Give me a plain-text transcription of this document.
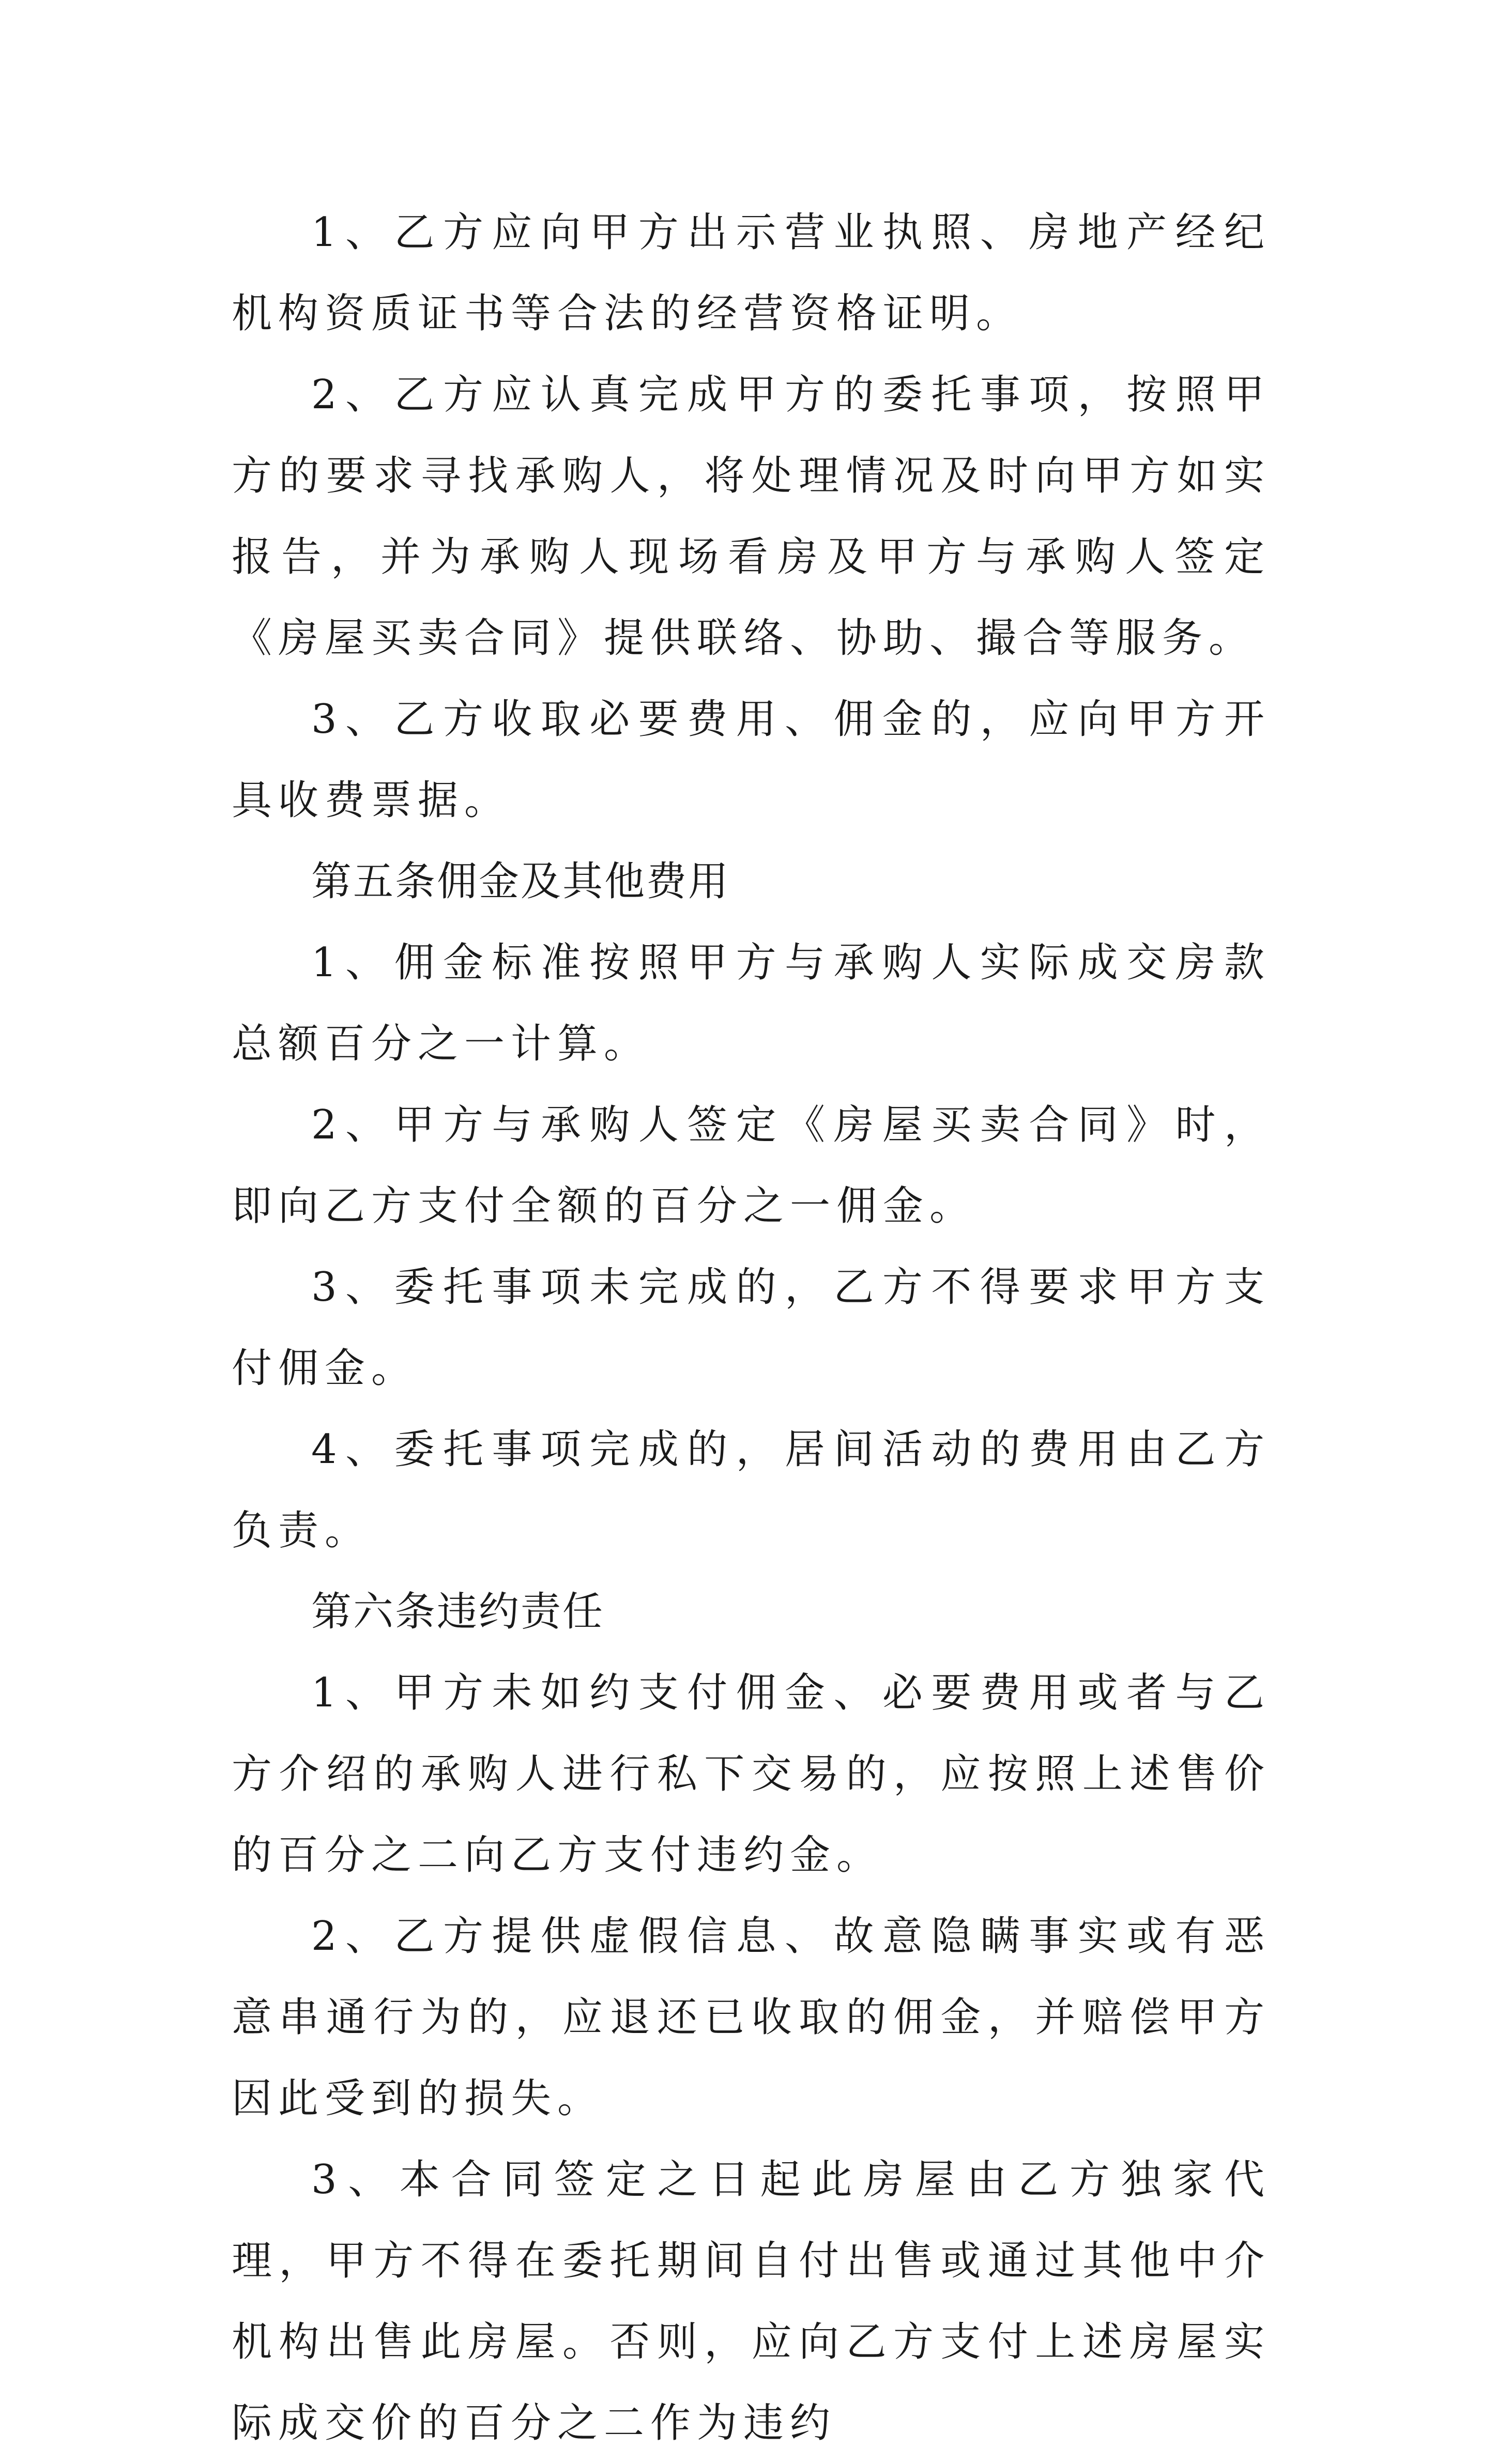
1、乙方应向甲方出示营业执照、房地产经纪机构资质证书等合法的经营资格证明。

2、乙方应认真完成甲方的委托事项，按照甲方的要求寻找承购人，将处理情况及时向甲方如实报告，并为承购人现场看房及甲方与承购人签定《房屋买卖合同》提供联络、协助、撮合等服务。

3、乙方收取必要费用、佣金的，应向甲方开具收费票据。

第五条佣金及其他费用

1、佣金标准按照甲方与承购人实际成交房款总额百分之一计算。

2、甲方与承购人签定《房屋买卖合同》时，即向乙方支付全额的百分之一佣金。

3、委托事项未完成的，乙方不得要求甲方支付佣金。

4、委托事项完成的，居间活动的费用由乙方负责。

第六条违约责任

1、甲方未如约支付佣金、必要费用或者与乙方介绍的承购人进行私下交易的，应按照上述售价的百分之二向乙方支付违约金。

2、乙方提供虚假信息、故意隐瞒事实或有恶意串通行为的，应退还已收取的佣金，并赔偿甲方因此受到的损失。

3、本合同签定之日起此房屋由乙方独家代理，甲方不得在委托期间自付出售或通过其他中介机构出售此房屋。否则，应向乙方支付上述房屋实际成交价的百分之二作为违约
